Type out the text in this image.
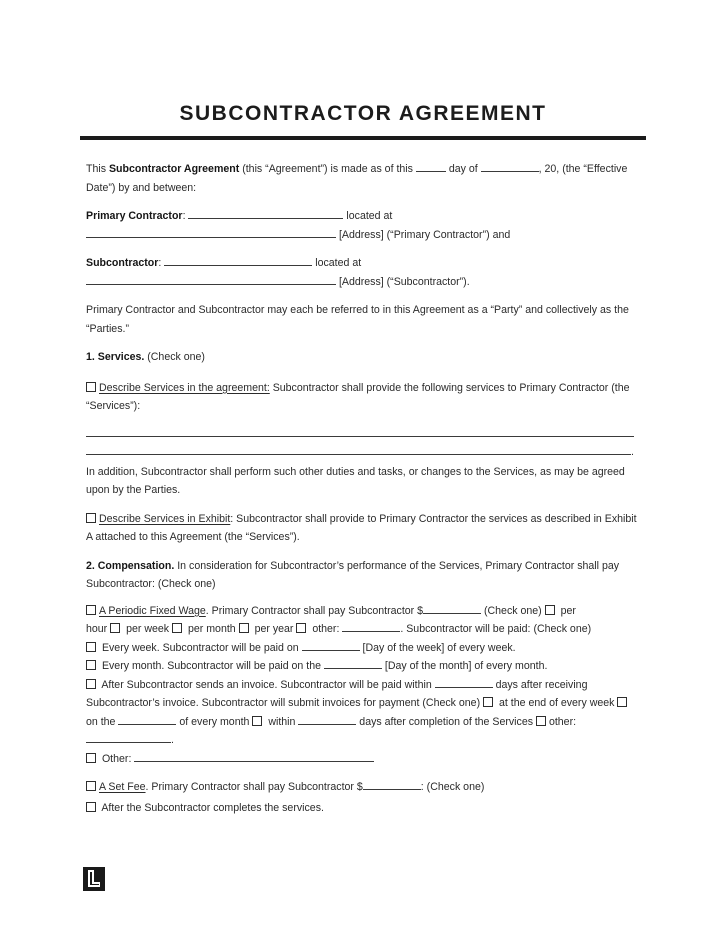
SUBCONTRACTOR AGREEMENT

This Subcontractor Agreement (this “Agreement”) is made as of this	day of	, 20, (the “Effective Date”) by and between:

Primary Contractor:	located at
[Address] (“Primary Contractor”) and

Subcontractor:	located at
[Address] (“Subcontractor”).

Primary Contractor and Subcontractor may each be referred to in this Agreement as a “Party” and collectively as the “Parties.”

1. Services. (Check one)

Describe Services in the agreement: Subcontractor shall provide the following services to Primary Contractor (the “Services”):

.

In addition, Subcontractor shall perform such other duties and tasks, or changes to the Services, as may be agreed upon by the Parties.

Describe Services in Exhibit: Subcontractor shall provide to Primary Contractor the services as described in Exhibit A attached to this Agreement (the “Services”).

2. Compensation. In consideration for Subcontractor’s performance of the Services, Primary Contractor shall pay Subcontractor: (Check one)

A Periodic Fixed Wage. Primary Contractor shall pay Subcontractor $	(Check one)  per
hour  per week  per month  per year  other:	. Subcontractor will be paid: (Check one)
Every week. Subcontractor will be paid on	[Day of the week] of every week.
Every month. Subcontractor will be paid on the	[Day of the month] of every month.
After Subcontractor sends an invoice. Subcontractor will be paid within	days after receiving Subcontractor’s invoice. Subcontractor will submit invoices for payment (Check one)  at the end of every week  on the	of every month  within	days after completion of the Services other: .
Other:

A Set Fee. Primary Contractor shall pay Subcontractor $	: (Check one)

After the Subcontractor completes the services.
